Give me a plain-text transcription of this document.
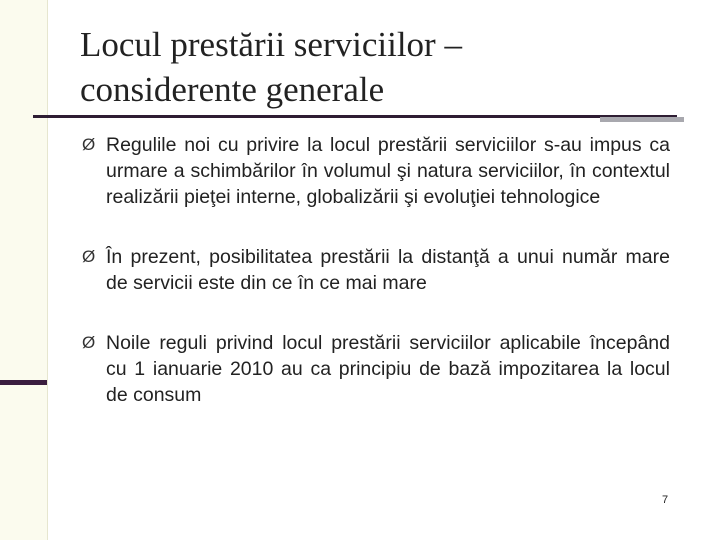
Locul prestării serviciilor –
considerente generale
Ø Regulile noi cu privire la locul prestării serviciilor s-au impus ca urmare a schimbărilor în volumul şi natura serviciilor, în contextul realizării pieţei interne, globalizării şi evoluţiei tehnologice
Ø În prezent, posibilitatea prestării la distanţă a unui număr mare de servicii este din ce în ce mai mare
Ø Noile reguli privind locul prestării serviciilor aplicabile începând cu 1 ianuarie 2010 au ca principiu de bază impozitarea la locul de consum
7
